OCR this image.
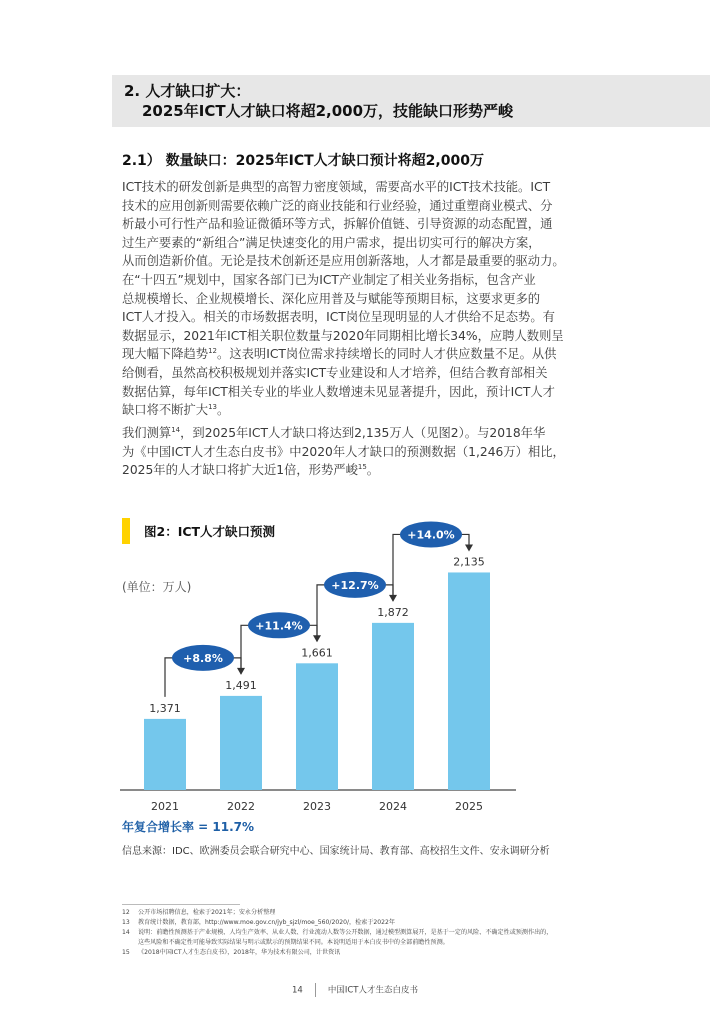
2. 人才缺口扩大：
2025年ICT人才缺口将超2,000万，技能缺口形势严峻
2.1） 数量缺口：2025年ICT人才缺口预计将超2,000万
ICT技术的研发创新是典型的高智力密度领域，需要高水平的ICT技术技能。ICT
技术的应用创新则需要依赖广泛的商业技能和行业经验，通过重塑商业模式、分
析最小可行性产品和验证微循环等方式，拆解价值链、引导资源的动态配置，通
过生产要素的“新组合”满足快速变化的用户需求，提出切实可行的解决方案，
从而创造新价值。无论是技术创新还是应用创新落地，人才都是最重要的驱动力。
在“十四五”规划中，国家各部门已为ICT产业制定了相关业务指标，包含产业
总规模增长、企业规模增长、深化应用普及与赋能等预期目标，这要求更多的
ICT人才投入。相关的市场数据表明，ICT岗位呈现明显的人才供给不足态势。有
数据显示，2021年ICT相关职位数量与2020年同期相比增长34%，应聘人数则呈
现大幅下降趋势$^{12}$。这表明ICT岗位需求持续增长的同时人才供应数量不足。从供
给侧看，虽然高校积极规划并落实ICT专业建设和人才培养，但结合教育部相关
数据估算，每年ICT相关专业的毕业人数增速未见显著提升，因此，预计ICT人才
缺口将不断扩大$^{13}$。
我们测算$^{14}$，到2025年ICT人才缺口将达到2,135万人（见图2）。与2018年华
为《中国ICT人才生态白皮书》中2020年人才缺口的预测数据（1,246万）相比，
2025年的人才缺口将扩大近1倍，形势严峻$^{15}$。
图2：ICT人才缺口预测
(单位：万人)
1,371
2021
1,491
2022
1,661
2023
1,872
2024
2,135
2025
+8.8%
+11.4%
+12.7%
+14.0%
年复合增长率 = 11.7%
信息来源：IDC、欧洲委员会联合研究中心、国家统计局、教育部、高校招生文件、安永调研分析
12 公开市场招聘信息，检索于2021年；安永分析整理
13 教育统计数据，教育部，http://www.moe.gov.cn/jyb_sjzl/moe_560/2020/，检索于2022年
14 说明：前瞻性预测基于产业规模、人均生产效率、从业人数、行业流动人数等公开数据，通过模型测算展开，是基于一定的风险、不确定性或预测作出的，
这些风险和不确定性可能导致实际结果与明示或默示的预期结果不同。本说明适用于本白皮书中的全部前瞻性预测。
15 《2018中国ICT人才生态白皮书》，2018年，华为技术有限公司，计世资讯
14	中国ICT人才生态白皮书
